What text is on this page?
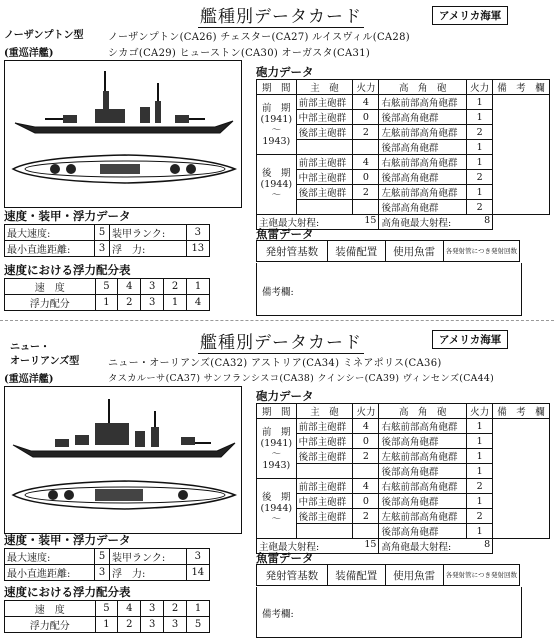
艦種別データカード	アメリカ海軍
ノーザンプトン型
(重巡洋艦)
ノーザンプトン(CA26) チェスター(CA27) ルイスヴィル(CA28)
シカゴ(CA29) ヒューストン(CA30) オーガスタ(CA31)
砲力データ
期　間	主　砲	火力	高　角　砲	火力	備　考　欄
前　期
(1941)
〜
1943)	前部主砲群	4	右舷前部高角砲群	1	
	中部主砲群	0	後部高角砲群	1	
	後部主砲群	2	左舷前部高角砲群	2	
			後部高角砲群	1	
後　期
(1944)
〜	前部主砲群	4	右舷前部高角砲群	1	
	中部主砲群	0	後部高角砲群	2	
	後部主砲群	2	左舷前部高角砲群	1	
			後部高角砲群	2	
主砲最大射程: 15			高角砲最大射程: 8		
速度・装甲・浮力データ
最大速度:	5	装甲ランク:	3
最小直進距離:	3	浮　力:	13
速度における浮力配分表
速　度	5	4	3	2	1
浮力配分	1	2	3	1	4
魚雷データ
発射管基数	装備配置	使用魚雷	各発射管につき発射回数
備考欄:
艦種別データカード	アメリカ海軍
ニュー・
オーリアンズ型
(重巡洋艦)
ニュー・オーリアンズ(CA32) アストリア(CA34) ミネアポリス(CA36)
タスカルーサ(CA37) サンフランシスコ(CA38) クインシー(CA39) ヴィンセンズ(CA44)
砲力データ
期　間	主　砲	火力	高　角　砲	火力	備　考　欄
前　期
(1941)
〜
1943)	前部主砲群	4	右舷前部高角砲群	1	
	中部主砲群	0	後部高角砲群	1	
	後部主砲群	2	左舷前部高角砲群	1	
			後部高角砲群	1	
後　期
(1944)
〜	前部主砲群	4	右舷前部高角砲群	2	
	中部主砲群	0	後部高角砲群	1	
	後部主砲群	2	左舷前部高角砲群	2	
			後部高角砲群	1	
主砲最大射程: 15			高角砲最大射程: 8		
速度・装甲・浮力データ
最大速度:	5	装甲ランク:	3
最小直進距離:	3	浮　力:	14
速度における浮力配分表
速　度	5	4	3	2	1
浮力配分	1	2	3	3	5
魚雷データ
発射管基数	装備配置	使用魚雷	各発射管につき発射回数
備考欄:
